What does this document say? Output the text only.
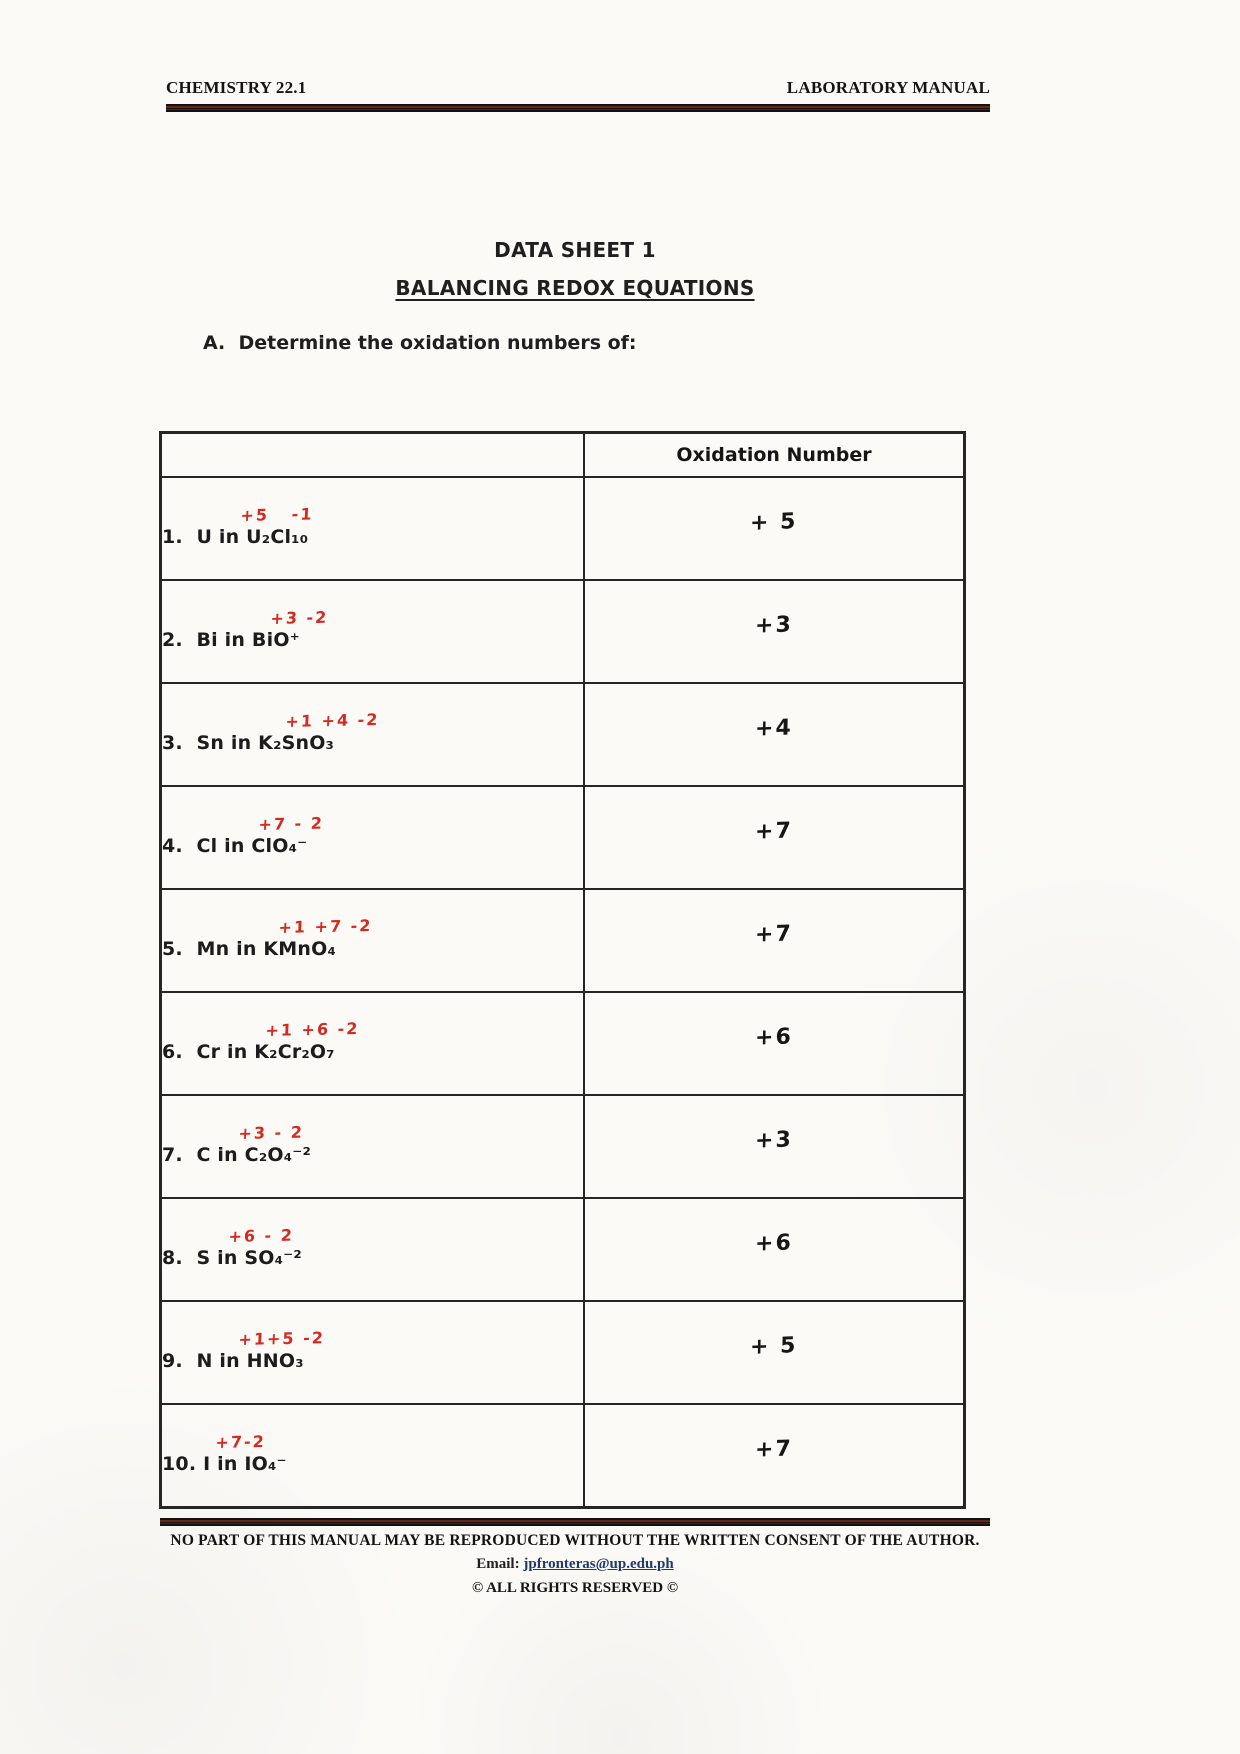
CHEMISTRY 22.1	LABORATORY MANUAL
DATA SHEET 1
BALANCING REDOX EQUATIONS
A.  Determine the oxidation numbers of:
	Oxidation Number

+5   -1
1.  U in U₂Cl₁₀	+ 5

+3 -2
2.  Bi in BiO⁺	+3

+1 +4 -2
3.  Sn in K₂SnO₃	+4

+7 - 2
4.  Cl in ClO₄⁻	+7

+1 +7 -2
5.  Mn in KMnO₄	+7

+1 +6 -2
6.  Cr in K₂Cr₂O₇	+6

+3 - 2
7.  C in C₂O₄⁻²	+3

+6 - 2
8.  S in SO₄⁻²	+6

+1+5 -2
9.  N in HNO₃	+ 5

+7-2
10. I in IO₄⁻	+7
NO PART OF THIS MANUAL MAY BE REPRODUCED WITHOUT THE WRITTEN CONSENT OF THE AUTHOR.
Email: jpfronteras@up.edu.ph
© ALL RIGHTS RESERVED ©
